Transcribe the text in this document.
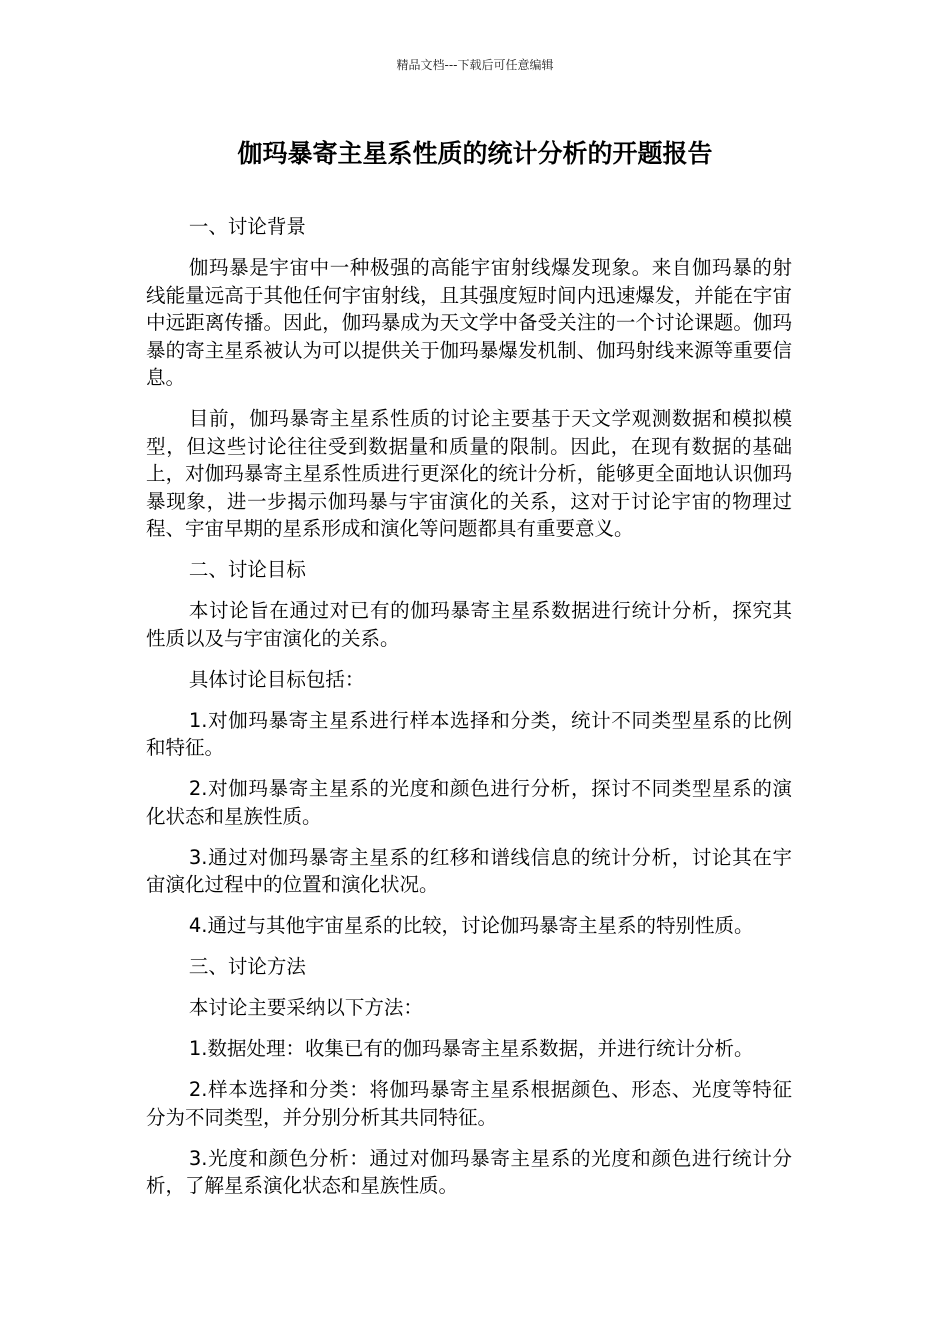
精品文档---下载后可任意编辑
伽玛暴寄主星系性质的统计分析的开题报告

一、讨论背景

伽玛暴是宇宙中一种极强的高能宇宙射线爆发现象。来自伽玛暴的射线能量远高于其他任何宇宙射线，且其强度短时间内迅速爆发，并能在宇宙中远距离传播。因此，伽玛暴成为天文学中备受关注的一个讨论课题。伽玛暴的寄主星系被认为可以提供关于伽玛暴爆发机制、伽玛射线来源等重要信息。

目前，伽玛暴寄主星系性质的讨论主要基于天文学观测数据和模拟模型，但这些讨论往往受到数据量和质量的限制。因此，在现有数据的基础上，对伽玛暴寄主星系性质进行更深化的统计分析，能够更全面地认识伽玛暴现象，进一步揭示伽玛暴与宇宙演化的关系，这对于讨论宇宙的物理过程、宇宙早期的星系形成和演化等问题都具有重要意义。

二、讨论目标

本讨论旨在通过对已有的伽玛暴寄主星系数据进行统计分析，探究其性质以及与宇宙演化的关系。

具体讨论目标包括：

1.对伽玛暴寄主星系进行样本选择和分类，统计不同类型星系的比例和特征。

2.对伽玛暴寄主星系的光度和颜色进行分析，探讨不同类型星系的演化状态和星族性质。

3.通过对伽玛暴寄主星系的红移和谱线信息的统计分析，讨论其在宇宙演化过程中的位置和演化状况。

4.通过与其他宇宙星系的比较，讨论伽玛暴寄主星系的特别性质。

三、讨论方法

本讨论主要采纳以下方法：

1.数据处理：收集已有的伽玛暴寄主星系数据，并进行统计分析。

2.样本选择和分类：将伽玛暴寄主星系根据颜色、形态、光度等特征分为不同类型，并分别分析其共同特征。

3.光度和颜色分析：通过对伽玛暴寄主星系的光度和颜色进行统计分析，了解星系演化状态和星族性质。
